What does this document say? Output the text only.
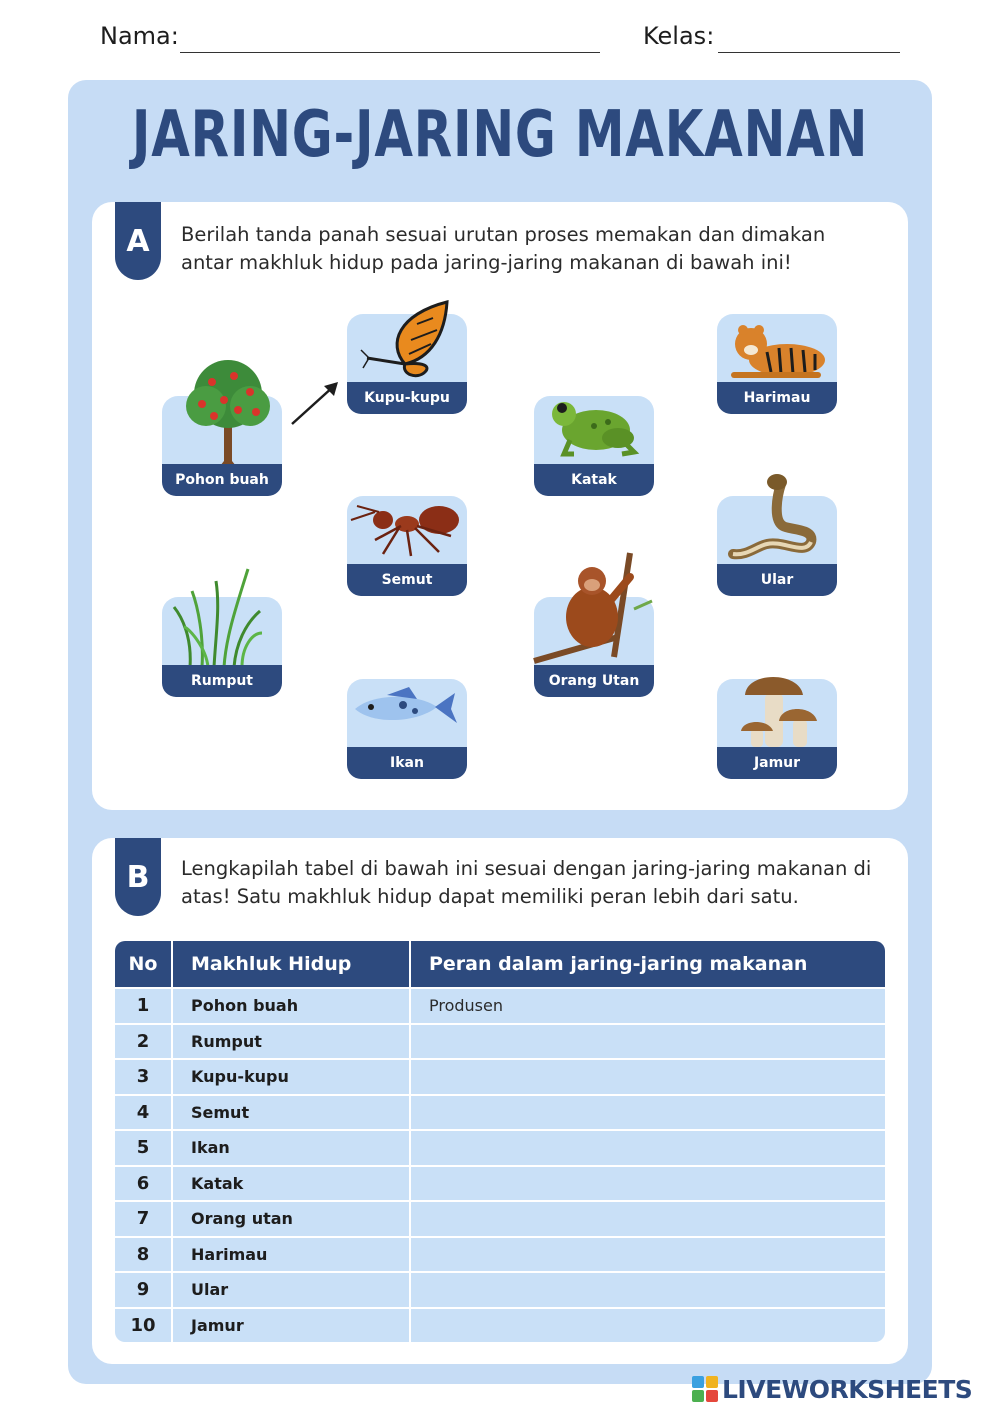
Nama:	Kelas:
JARING-JARING MAKANAN
A	Berilah tanda panah sesuai urutan proses memakan dan dimakan antar makhluk hidup pada jaring-jaring makanan di bawah ini!
Pohon buah
Kupu-kupu
Katak
Harimau
Semut	Ular
Rumput	Orang Utan
Ikan	Jamur
B	Lengkapilah tabel di bawah ini sesuai dengan jaring-jaring makanan di atas! Satu makhluk hidup dapat memiliki peran lebih dari satu.
No	Makhluk Hidup	Peran dalam jaring-jaring makanan
1	Pohon buah	Produsen
2	Rumput	
3	Kupu-kupu	
4	Semut	
5	Ikan	
6	Katak	
7	Orang utan	
8	Harimau	
9	Ular	
10	Jamur	
LIVEWORKSHEETS
